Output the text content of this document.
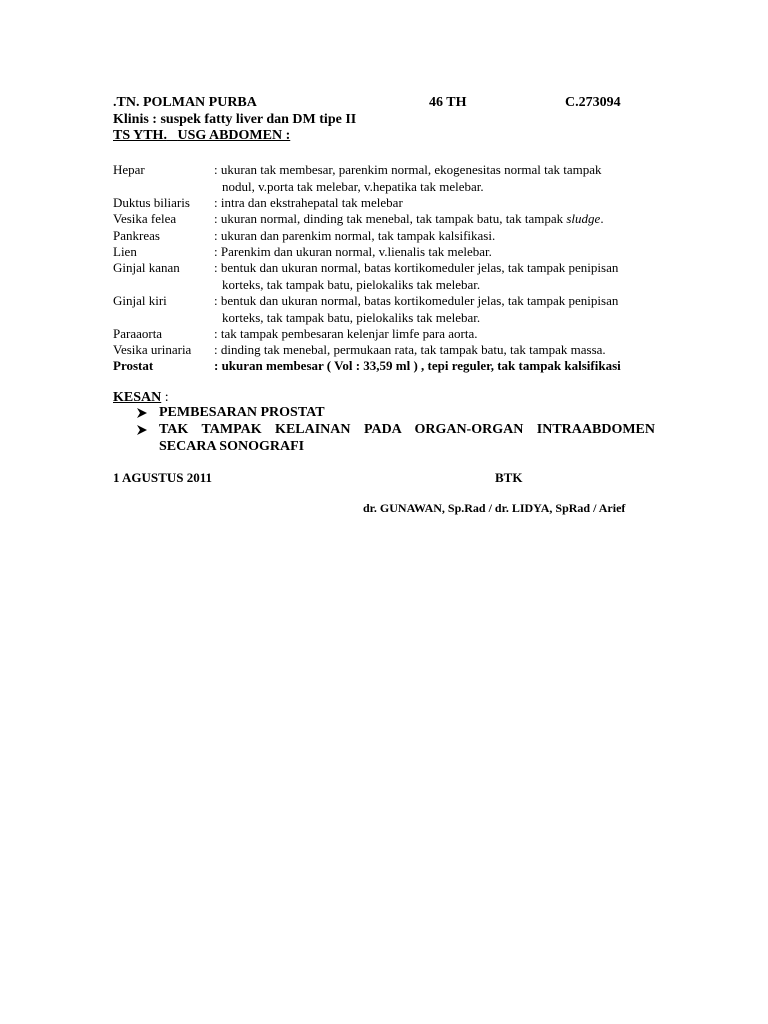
.TN. POLMAN PURBA	46 TH	C.273094
Klinis : suspek fatty liver dan DM tipe II
TS YTH. USG ABDOMEN :
Hepar	: ukuran tak membesar, parenkim normal, ekogenesitas normal tak tampak
nodul, v.porta tak melebar, v.hepatika tak melebar.
Duktus biliaris : intra dan ekstrahepatal tak melebar
Vesika felea	: ukuran normal, dinding tak menebal, tak tampak batu, tak tampak sludge.
Pankreas	: ukuran dan parenkim normal, tak tampak kalsifikasi.
Lien	: Parenkim dan ukuran normal, v.lienalis tak melebar.
Ginjal kanan	: bentuk dan ukuran normal, batas kortikomeduler jelas, tak tampak penipisan
korteks, tak tampak batu, pielokaliks tak melebar.
Ginjal kiri	: bentuk dan ukuran normal, batas kortikomeduler jelas, tak tampak penipisan
korteks, tak tampak batu, pielokaliks tak melebar.
Paraaorta	: tak tampak pembesaran kelenjar limfe para aorta.
Vesika urinaria : dinding tak menebal, permukaan rata, tak tampak batu, tak tampak massa.
Prostat	: ukuran membesar ( Vol : 33,59 ml ) , tepi reguler, tak tampak kalsifikasi
KESAN :
PEMBESARAN PROSTAT
TAK TAMPAK KELAINAN PADA ORGAN-ORGAN INTRAABDOMEN
SECARA SONOGRAFI
1 AGUSTUS 2011	BTK
dr. GUNAWAN, Sp.Rad / dr. LIDYA, SpRad / Arief
